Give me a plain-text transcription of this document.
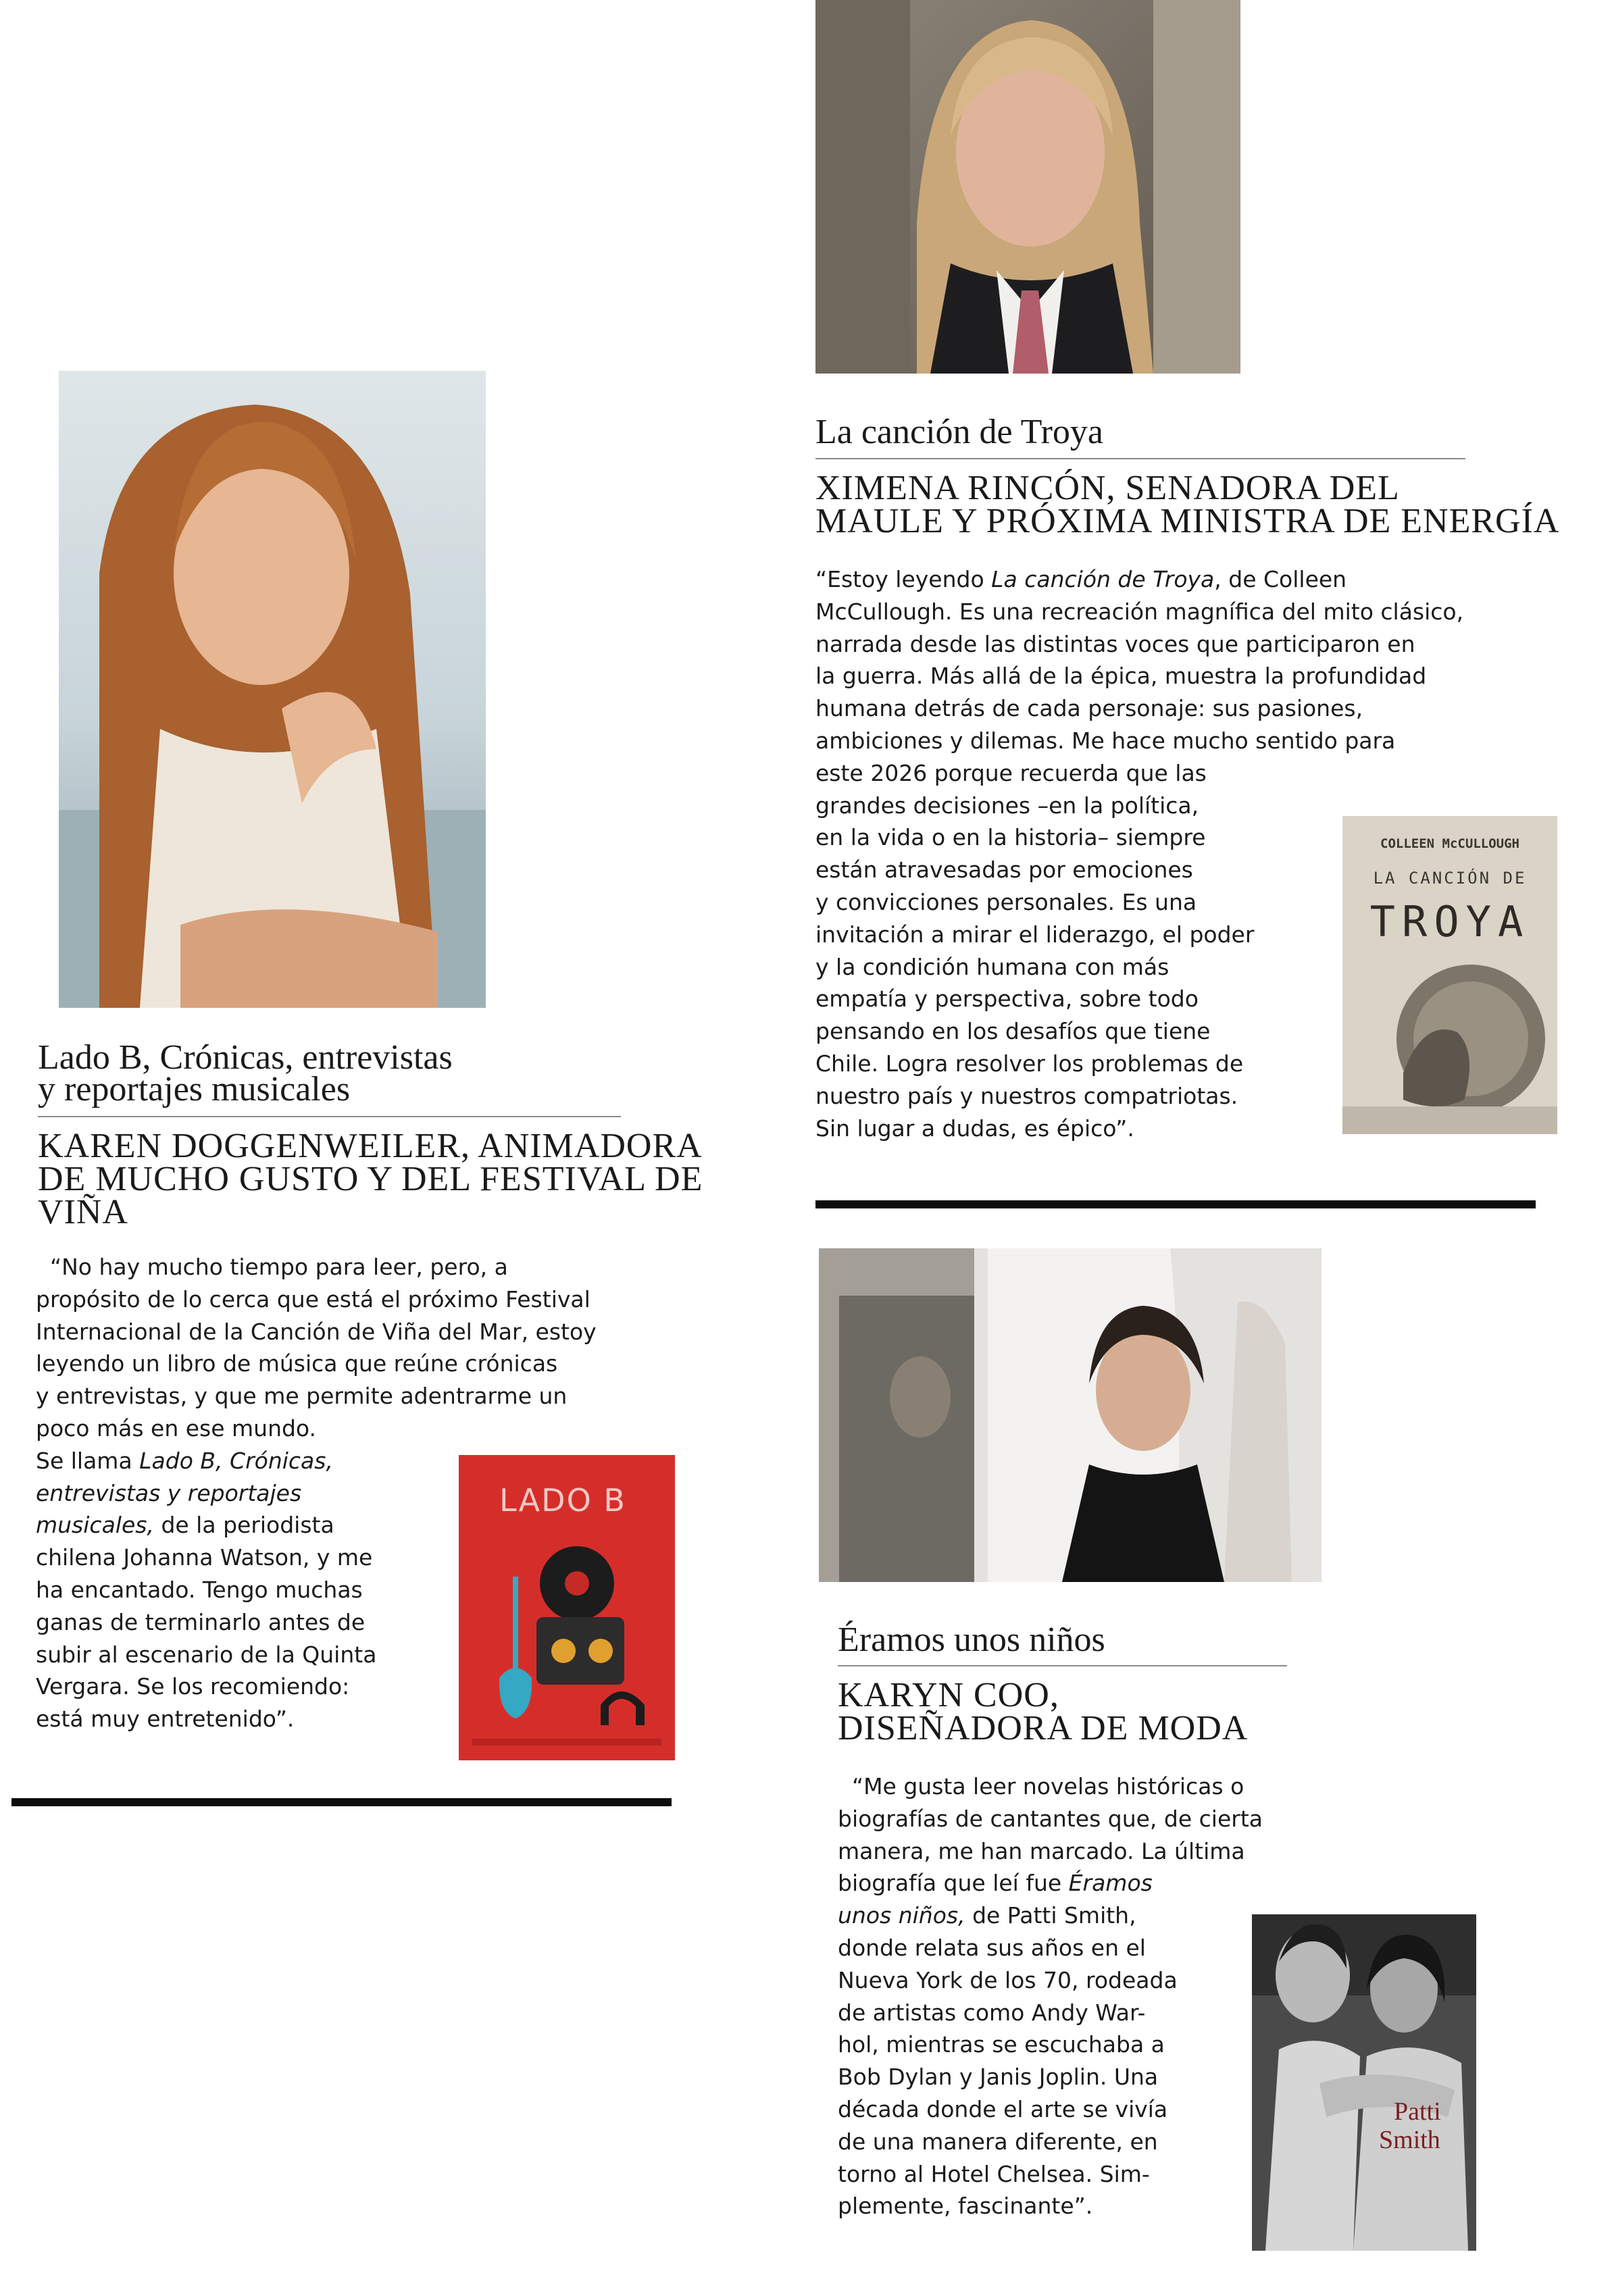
La canción de Troya

XIMENA RINCÓN, SENADORA DEL
MAULE Y PRÓXIMA MINISTRA DE ENERGÍA

“Estoy leyendo La canción de Troya, de Colleen
McCullough. Es una recreación magnífica del mito clásico,
narrada desde las distintas voces que participaron en
la guerra. Más allá de la épica, muestra la profundidad
humana detrás de cada personaje: sus pasiones,
ambiciones y dilemas. Me hace mucho sentido para
este 2026 porque recuerda que las
grandes decisiones –en la política,
en la vida o en la historia– siempre
están atravesadas por emociones
y convicciones personales. Es una
invitación a mirar el liderazgo, el poder
y la condición humana con más
empatía y perspectiva, sobre todo
pensando en los desafíos que tiene
Chile. Logra resolver los problemas de
nuestro país y nuestros compatriotas.
Sin lugar a dudas, es épico”.

COLLEEN McCULLOUGH
LA CANCIÓN DE
TROYA
Lado B, Crónicas, entrevistas
y reportajes musicales

KAREN DOGGENWEILER, ANIMADORA
DE MUCHO GUSTO Y DEL FESTIVAL DE
VIÑA

“No hay mucho tiempo para leer, pero, a
propósito de lo cerca que está el próximo Festival
Internacional de la Canción de Viña del Mar, estoy
leyendo un libro de música que reúne crónicas
y entrevistas, y que me permite adentrarme un
poco más en ese mundo.
Se llama Lado B, Crónicas,
entrevistas y reportajes
musicales, de la periodista
chilena Johanna Watson, y me
ha encantado. Tengo muchas
ganas de terminarlo antes de
subir al escenario de la Quinta
Vergara. Se los recomiendo:
está muy entretenido”.

LADO B
Éramos unos niños

KARYN COO,
DISEÑADORA DE MODA

“Me gusta leer novelas históricas o
biografías de cantantes que, de cierta
manera, me han marcado. La última
biografía que leí fue Éramos
unos niños, de Patti Smith,
donde relata sus años en el
Nueva York de los 70, rodeada
de artistas como Andy War-
hol, mientras se escuchaba a
Bob Dylan y Janis Joplin. Una
década donde el arte se vivía
de una manera diferente, en
torno al Hotel Chelsea. Sim-
plemente, fascinante”.

Patti
Smith
